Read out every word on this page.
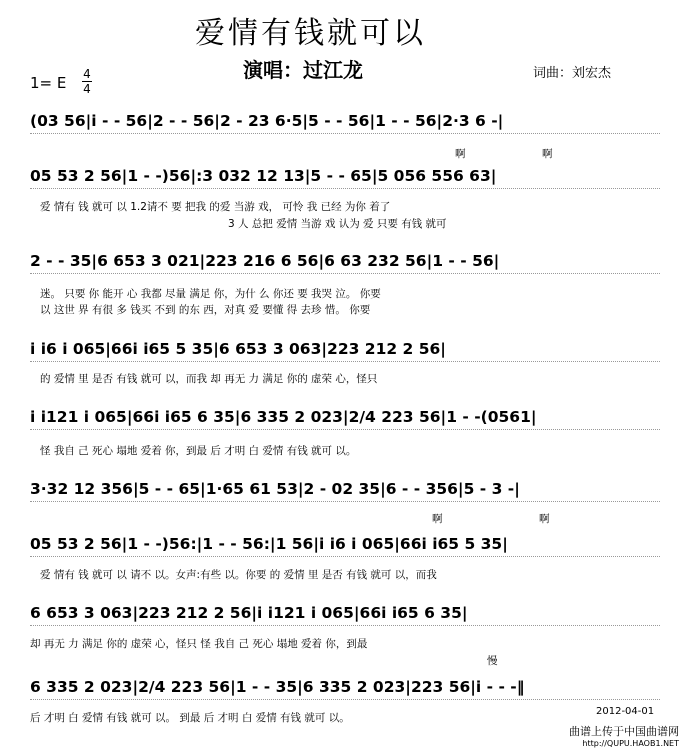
爱情有钱就可以
演唱：过江龙	词曲：刘宏杰
1= E 4
4
(03 56|i - - 56|2 - - 56|2 - 23 6·5|5 - - 56|1 - - 56|2·3 6 -|
啊	啊
05 53 2 56|1 - -)56|:3 032 12 13|5 - - 65|5 056 556 63|
爱 情有 钱 就可 以 1.2请不 要 把我 的爱 当游 戏， 可怜 我 已经 为你 着了
3 人 总把 爱情 当游 戏 认为 爱 只要 有钱 就可
2 - - 35|6 653 3 021|223 216 6 56|6 63 232 56|1 - - 56|
迷。 只要 你 能开 心 我都 尽量 满足 你，为什 么 你还 要 我哭 泣。 你要
以 这世 界 有很 多 钱买 不到 的东 西，对真 爱 要懂 得 去珍 惜。 你要
i i6 i 065|66i i65 5 35|6 653 3 063|223 212 2 56|
的 爱情 里 是否 有钱 就可 以，而我 却 再无 力 满足 你的 虚荣 心，怪只
i i121 i 065|66i i65 6 35|6 335 2 023|2/4 223 56|1 - -(0561|
怪 我自 己 死心 塌地 爱着 你，到最 后 才明 白 爱情 有钱 就可 以。
3·32 12 356|5 - - 65|1·65 61 53|2 - 02 35|6 - - 356|5 - 3 -|
啊	啊
05 53 2 56|1 - -)56:|1 - - 56:|1 56|i i6 i 065|66i i65 5 35|
爱 情有 钱 就可 以 请不 以。女声:有些 以。你要 的 爱情 里 是否 有钱 就可 以，而我
6 653 3 063|223 212 2 56|i i121 i 065|66i i65 6 35|
却 再无 力 满足 你的 虚荣 心，怪只 怪 我自 己 死心 塌地 爱着 你，到最
慢
6 335 2 023|2/4 223 56|1 - - 35|6 335 2 023|223 56|i - - -‖
后 才明 白 爱情 有钱 就可 以。 到最 后 才明 白 爱情 有钱 就可 以。
2012-04-01
曲谱上传于中国曲谱网
http://QUPU.HAOB1.NET
